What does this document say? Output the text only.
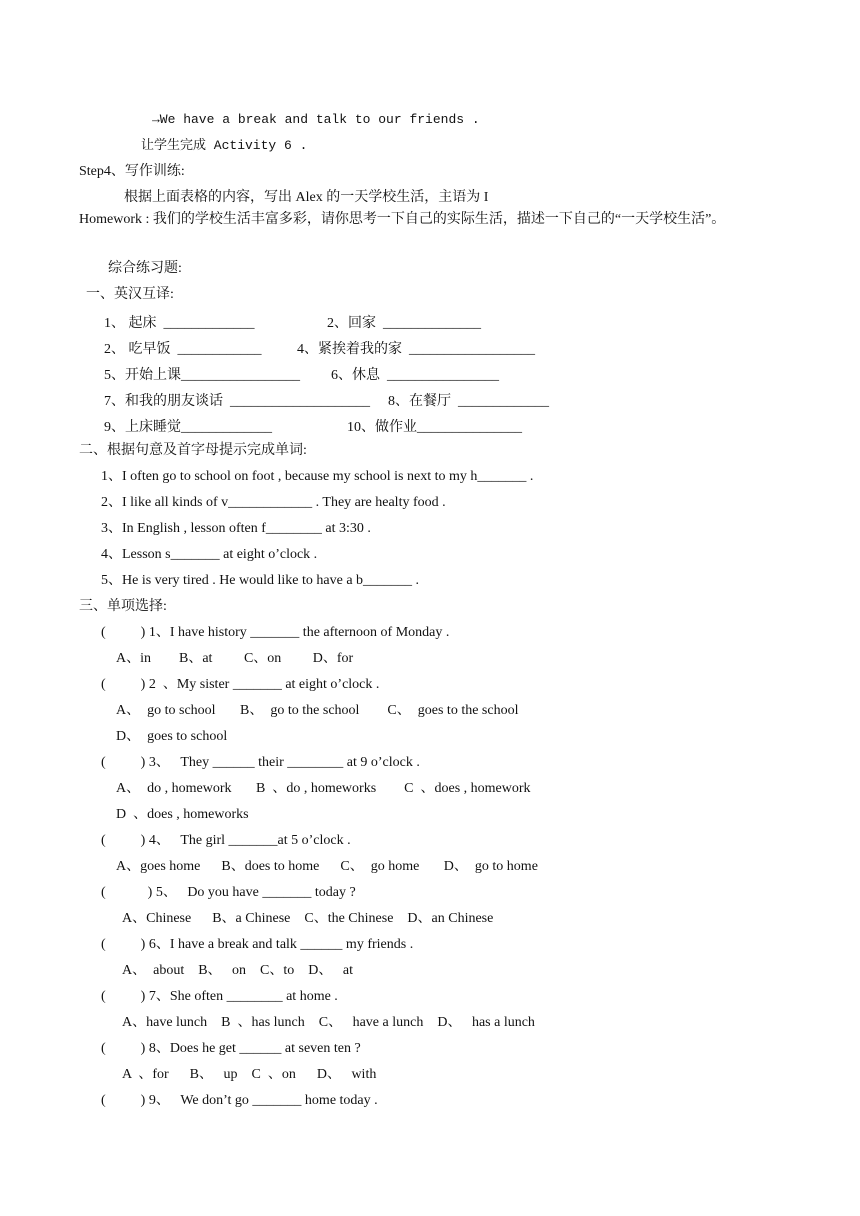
→We have a break and talk to our friends .
让学生完成 Activity 6 .
Step4、写作训练:
根据上面表格的内容，写出 Alex 的一天学校生活，主语为 I
Homework : 我们的学校生活丰富多彩，请你思考一下自己的实际生活，描述一下自己的“一天学校生活”。
综合练习题:
一、英汉互译:
1、 起床  _____________	2、回家  ______________
2、 吃早饭  ____________	4、紧挨着我的家  __________________
5、开始上课_________________ 6、休息  ________________
7、和我的朋友谈话  ____________________ 8、在餐厅  _____________
9、上床睡觉_____________	10、做作业_______________
二、根据句意及首字母提示完成单词:
1、I often go to school on foot , because my school is next to my h_______ .
2、I like all kinds of v____________ . They are healty food .
3、In English , lesson often f________ at 3:30 .
4、Lesson s_______ at eight o’clock .
5、He is very tired . He would like to have a b_______ .
三、单项选择:
(          ) 1、I have history _______ the afternoon of Monday .
A、in        B、at         C、on         D、for
(          ) 2  、My sister _______ at eight o’clock .
A、  go to school       B、  go to the school        C、  goes to the school
D、  goes to school
(          ) 3、   They ______ their ________ at 9 o’clock .
A、  do , homework       B  、do , homeworks        C  、does , homework
D  、does , homeworks
(          ) 4、   The girl _______at 5 o’clock .
A、goes home      B、does to home      C、  go home       D、  go to home
(            ) 5、   Do you have _______ today ?
A、Chinese      B、a Chinese    C、the Chinese    D、an Chinese
(          ) 6、I have a break and talk ______ my friends .
A、  about    B、   on    C、to    D、   at
(          ) 7、She often ________ at home .
A、have lunch    B  、has lunch    C、   have a lunch    D、   has a lunch
(          ) 8、Does he get ______ at seven ten ?
A  、for      B、   up    C  、on      D、   with
(          ) 9、   We don’t go _______ home today .
